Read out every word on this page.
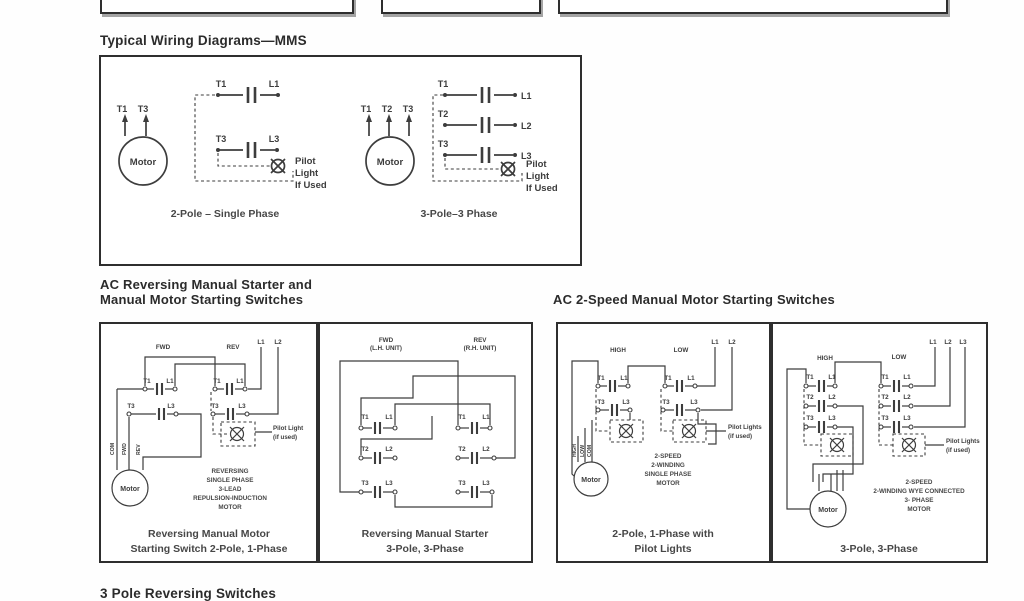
Typical Wiring Diagrams—MMS
T1 T3
Motor
T1	L1
T3	L3
Pilot
Light
If Used
2-Pole – Single Phase
T1 T2 T3
Motor
T1
L1
T2
L2
T3
L3
Pilot
Light
If Used
3-Pole–3 Phase
AC Reversing Manual Starter and
Manual Motor Starting Switches	AC 2-Speed Manual Motor Starting Switches
FWD	REV
L1 L2
T1 L1	T1 L1
T3	L3	T3	L3
Pilot Light
(if used)
COM FWD REV
Motor
REVERSING
SINGLE PHASE
3-LEAD
REPULSION-INDUCTION
MOTOR
Reversing Manual Motor
Starting Switch 2-Pole, 1-Phase
FWD
(L.H. UNIT)
REV
(R.H. UNIT)
T1	L1
T2	L2
T3	L3
T1	L1
T2	L2
T3	L3
Reversing Manual Starter
3-Pole, 3-Phase
HIGH	LOW
L1 L2
T1 L1	T1 L1
T3	L3	T3	L3
Pilot Lights
(if used)
HIGH LOW COM
Motor
2-SPEED
2-WINDING
SINGLE PHASE
MOTOR
2-Pole, 1-Phase with
Pilot Lights
HIGH	LOW
L1 L2 L3
T1 L1
T2 L2
T3 L3
T1 L1
T2 L2
T3 L3
Pilot Lights
(if used)
Motor
2-SPEED
2-WINDING WYE CONNECTED
3- PHASE
MOTOR
3-Pole, 3-Phase
3 Pole Reversing Switches
